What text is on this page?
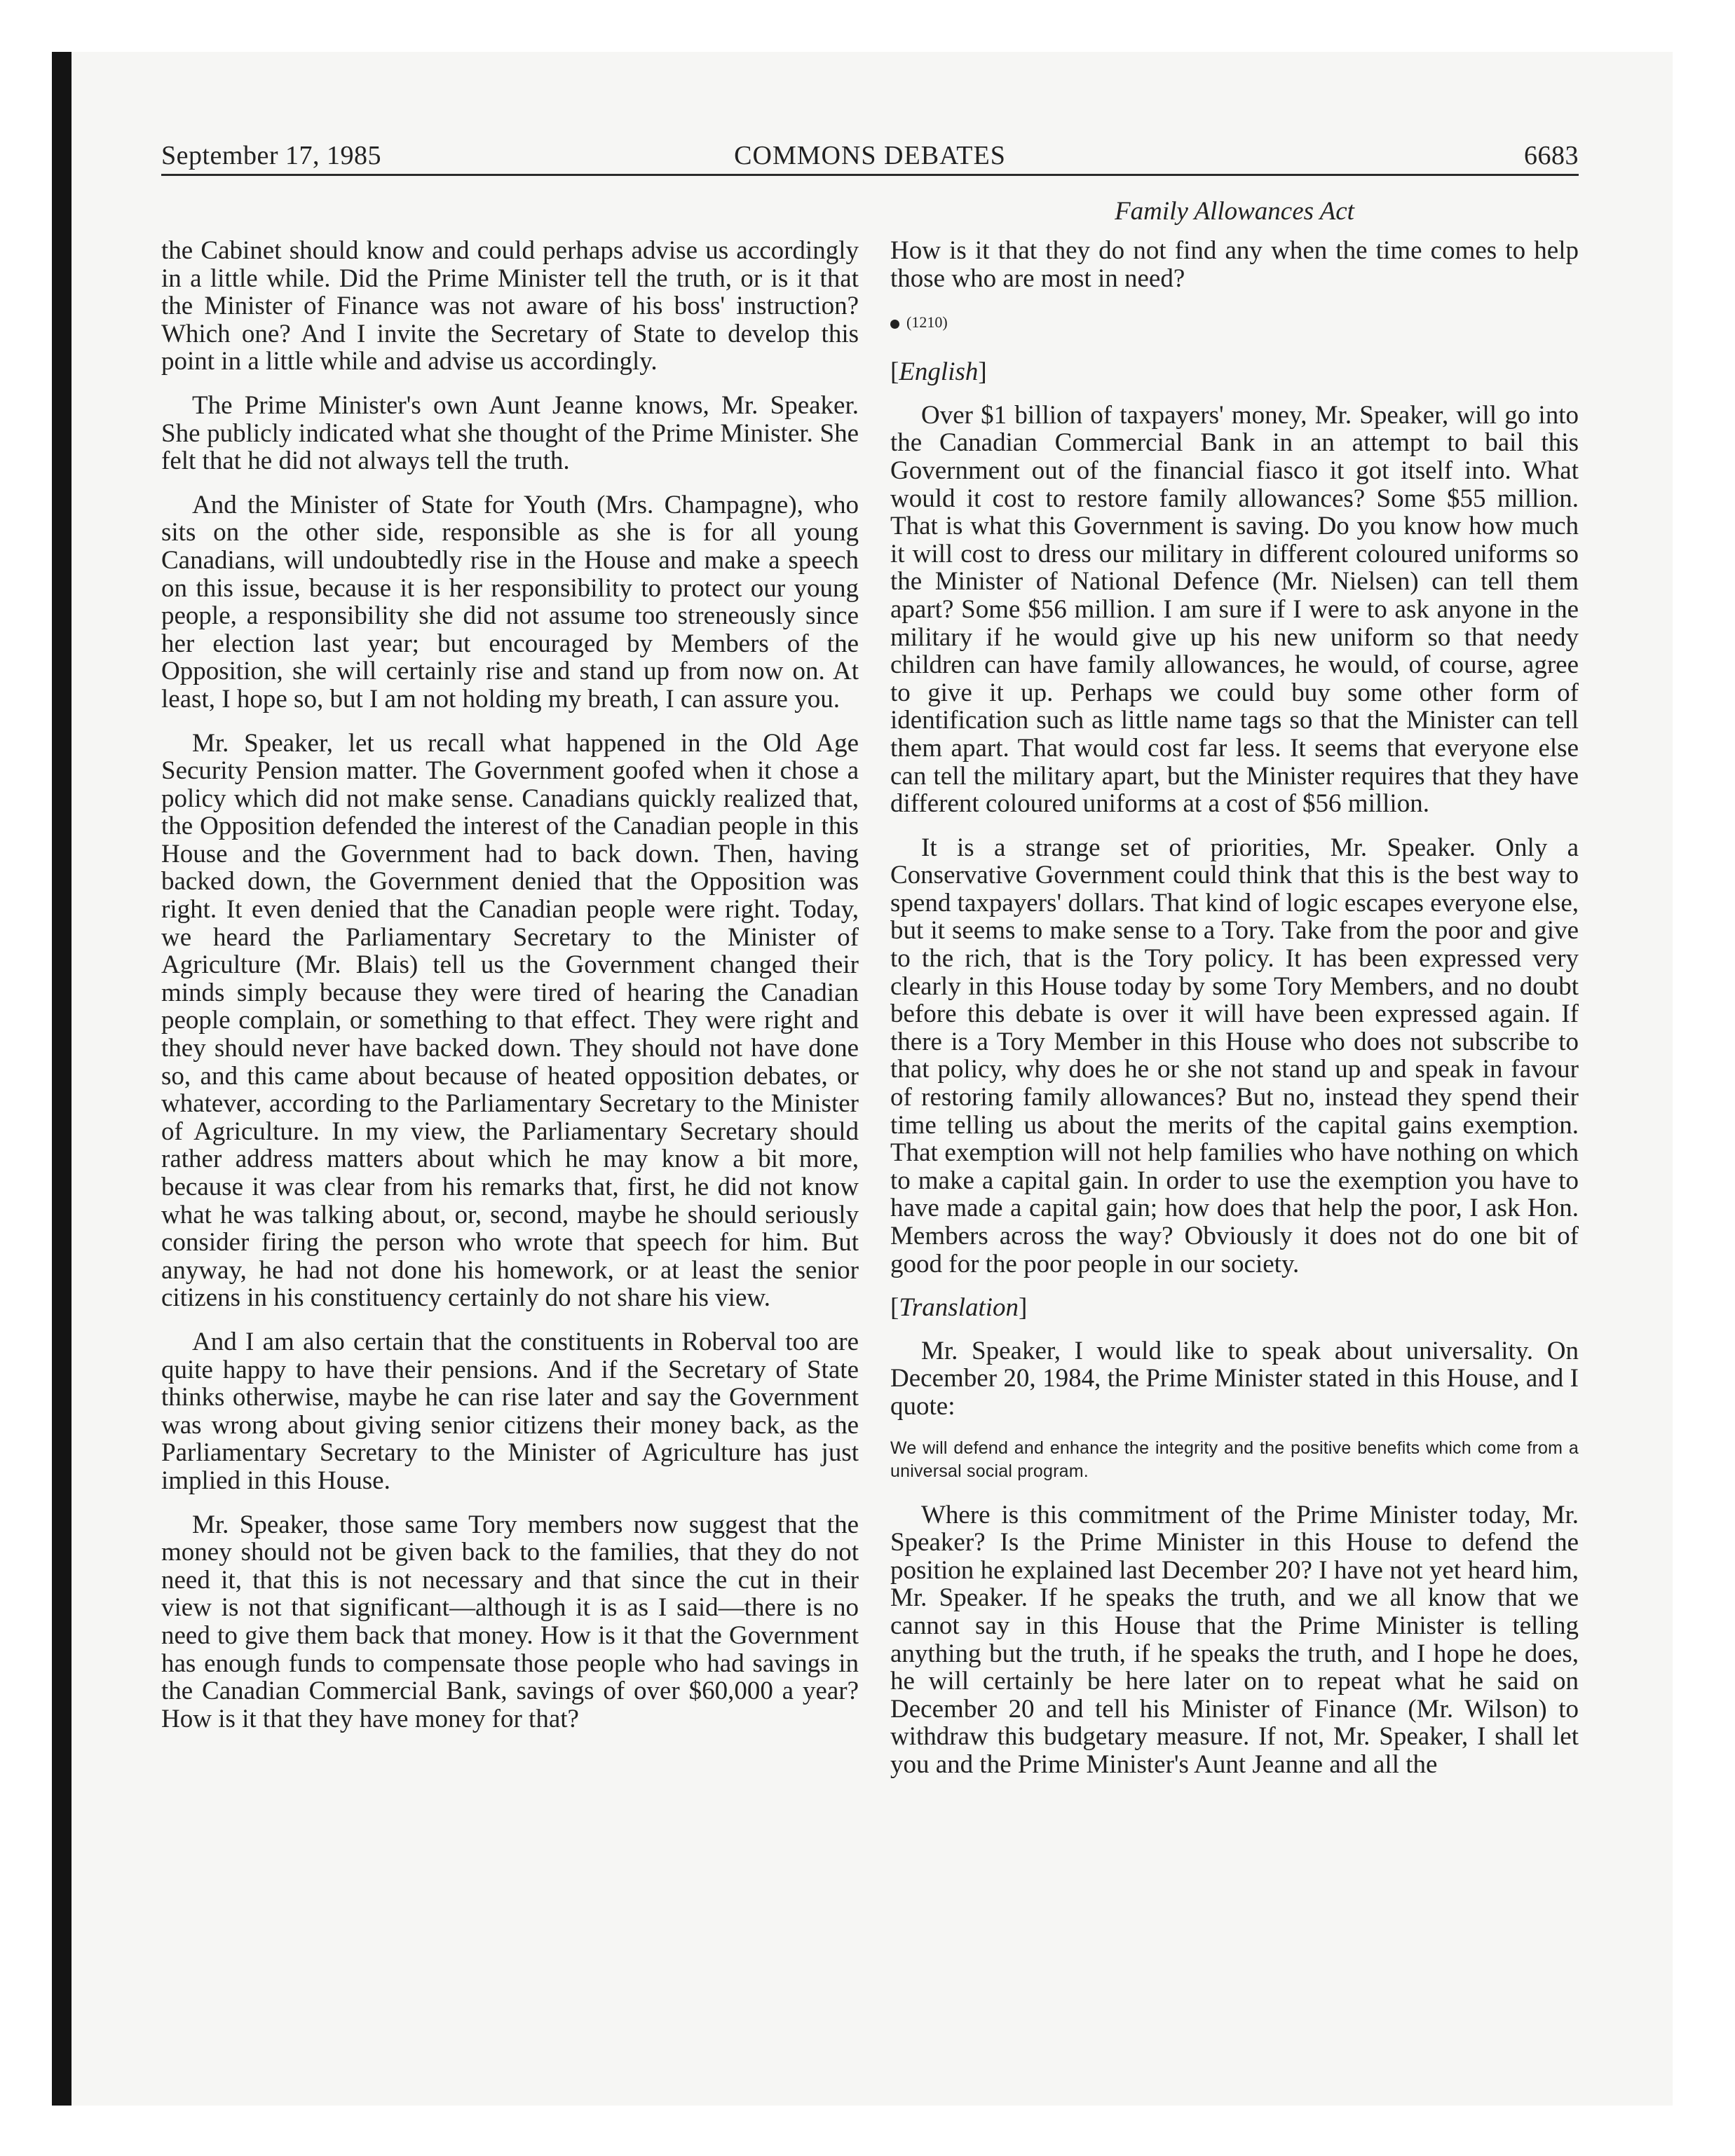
September 17, 1985	COMMONS DEBATES	6683
Family Allowances Act

the Cabinet should know and could perhaps advise us accordingly in a little while. Did the Prime Minister tell the truth, or is it that the Minister of Finance was not aware of his boss' instruction? Which one? And I invite the Secretary of State to develop this point in a little while and advise us accordingly.

The Prime Minister's own Aunt Jeanne knows, Mr. Speaker. She publicly indicated what she thought of the Prime Minister. She felt that he did not always tell the truth.

And the Minister of State for Youth (Mrs. Champagne), who sits on the other side, responsible as she is for all young Canadians, will undoubtedly rise in the House and make a speech on this issue, because it is her responsibility to protect our young people, a responsibility she did not assume too streneously since her election last year; but encouraged by Members of the Opposition, she will certainly rise and stand up from now on. At least, I hope so, but I am not holding my breath, I can assure you.

Mr. Speaker, let us recall what happened in the Old Age Security Pension matter. The Government goofed when it chose a policy which did not make sense. Canadians quickly realized that, the Opposition defended the interest of the Canadian people in this House and the Government had to back down. Then, having backed down, the Government denied that the Opposition was right. It even denied that the Canadian people were right. Today, we heard the Parliamentary Secretary to the Minister of Agriculture (Mr. Blais) tell us the Government changed their minds simply because they were tired of hearing the Canadian people complain, or something to that effect. They were right and they should never have backed down. They should not have done so, and this came about because of heated opposition debates, or whatever, according to the Parliamentary Secretary to the Minister of Agriculture. In my view, the Parliamentary Secretary should rather address matters about which he may know a bit more, because it was clear from his remarks that, first, he did not know what he was talking about, or, second, maybe he should seriously consider firing the person who wrote that speech for him. But anyway, he had not done his homework, or at least the senior citizens in his constituency certainly do not share his view.

And I am also certain that the constituents in Roberval too are quite happy to have their pensions. And if the Secretary of State thinks otherwise, maybe he can rise later and say the Government was wrong about giving senior citizens their money back, as the Parliamentary Secretary to the Minister of Agriculture has just implied in this House.

Mr. Speaker, those same Tory members now suggest that the money should not be given back to the families, that they do not need it, that this is not necessary and that since the cut in their view is not that significant—although it is as I said—there is no need to give them back that money. How is it that the Government has enough funds to compensate those people who had savings in the Canadian Commercial Bank, savings of over $60,000 a year? How is it that they have money for that?

How is it that they do not find any when the time comes to help those who are most in need?

(1210)
[English]

Over $1 billion of taxpayers' money, Mr. Speaker, will go into the Canadian Commercial Bank in an attempt to bail this Government out of the financial fiasco it got itself into. What would it cost to restore family allowances? Some $55 million. That is what this Government is saving. Do you know how much it will cost to dress our military in different coloured uniforms so the Minister of National Defence (Mr. Nielsen) can tell them apart? Some $56 million. I am sure if I were to ask anyone in the military if he would give up his new uniform so that needy children can have family allowances, he would, of course, agree to give it up. Perhaps we could buy some other form of identification such as little name tags so that the Minister can tell them apart. That would cost far less. It seems that everyone else can tell the military apart, but the Minister requires that they have different coloured uniforms at a cost of $56 million.

It is a strange set of priorities, Mr. Speaker. Only a Conservative Government could think that this is the best way to spend taxpayers' dollars. That kind of logic escapes everyone else, but it seems to make sense to a Tory. Take from the poor and give to the rich, that is the Tory policy. It has been expressed very clearly in this House today by some Tory Members, and no doubt before this debate is over it will have been expressed again. If there is a Tory Member in this House who does not subscribe to that policy, why does he or she not stand up and speak in favour of restoring family allowances? But no, instead they spend their time telling us about the merits of the capital gains exemption. That exemption will not help families who have nothing on which to make a capital gain. In order to use the exemption you have to have made a capital gain; how does that help the poor, I ask Hon. Members across the way? Obviously it does not do one bit of good for the poor people in our society.

[Translation]

Mr. Speaker, I would like to speak about universality. On December 20, 1984, the Prime Minister stated in this House, and I quote:

We will defend and enhance the integrity and the positive benefits which come from a universal social program.

Where is this commitment of the Prime Minister today, Mr. Speaker? Is the Prime Minister in this House to defend the position he explained last December 20? I have not yet heard him, Mr. Speaker. If he speaks the truth, and we all know that we cannot say in this House that the Prime Minister is telling anything but the truth, if he speaks the truth, and I hope he does, he will certainly be here later on to repeat what he said on December 20 and tell his Minister of Finance (Mr. Wilson) to withdraw this budgetary measure. If not, Mr. Speaker, I shall let you and the Prime Minister's Aunt Jeanne and all the
